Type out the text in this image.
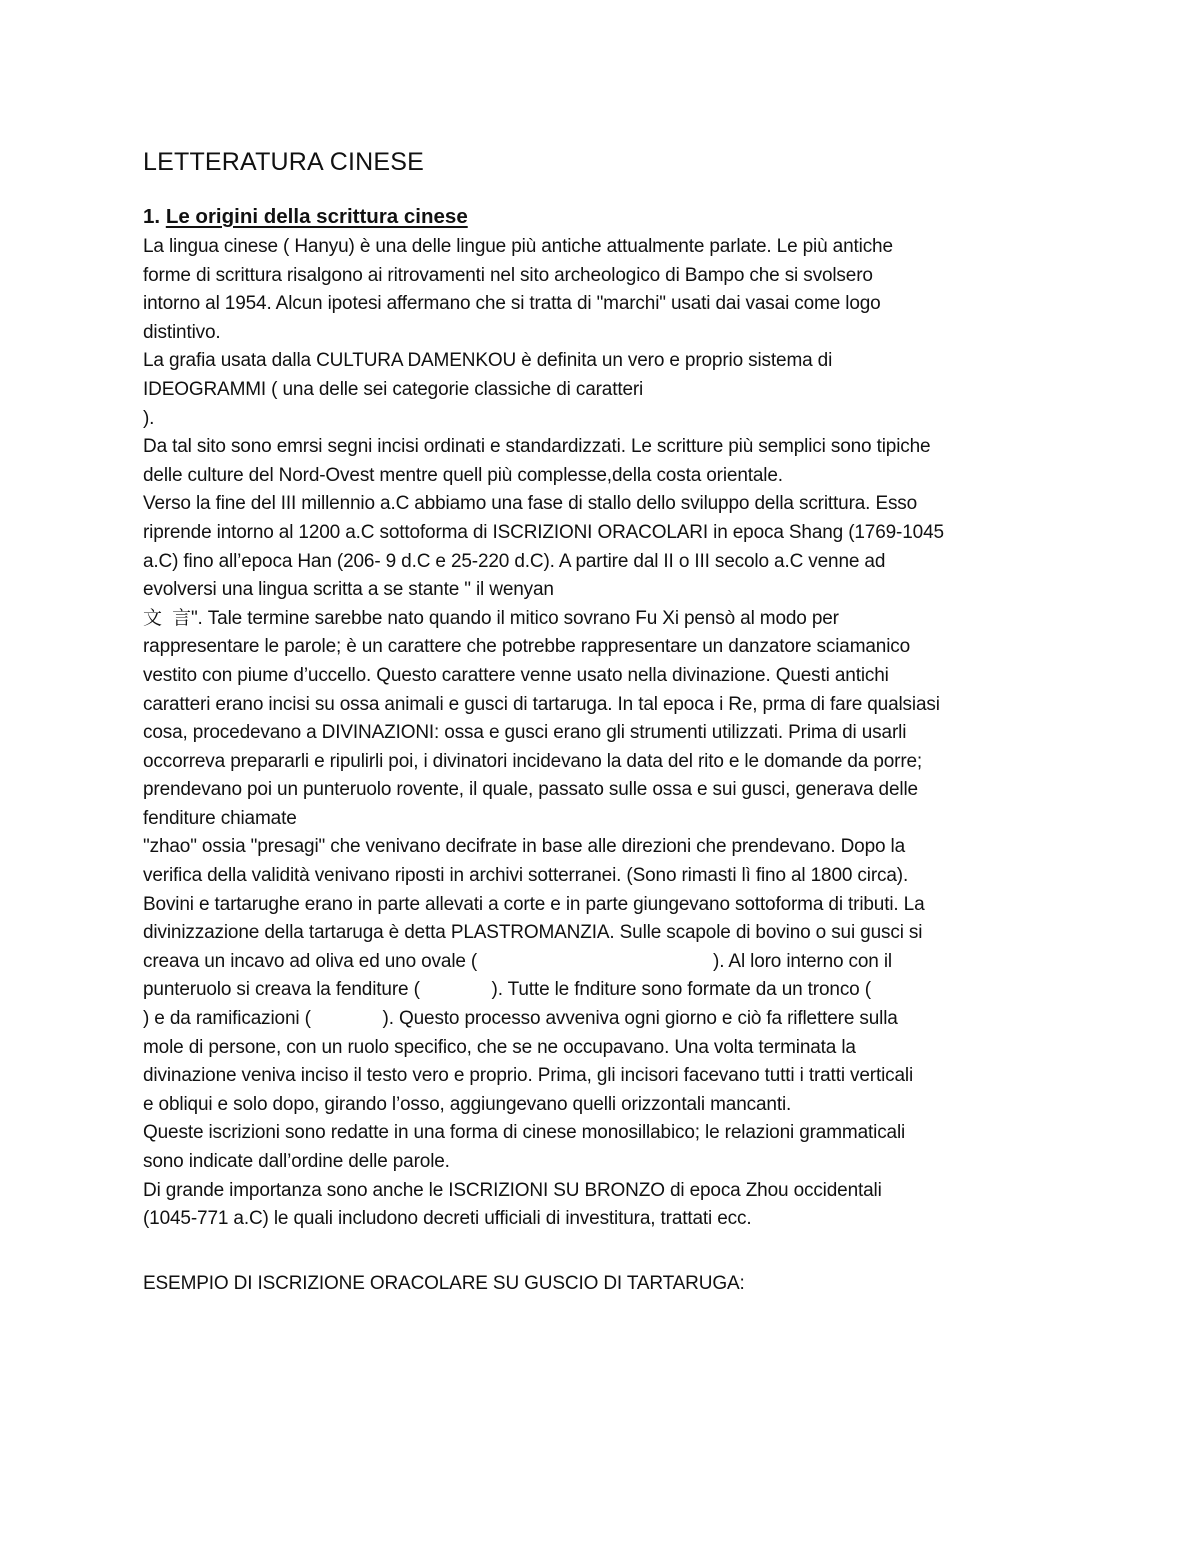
LETTERATURA CINESE
1. Le origini della scrittura cinese
La lingua cinese ( Hanyu) è una delle lingue più antiche attualmente parlate. Le più antiche
forme di scrittura risalgono ai ritrovamenti nel sito archeologico di Bampo che si svolsero
intorno al 1954. Alcun ipotesi affermano che si tratta di "marchi" usati dai vasai come logo
distintivo.
La grafia usata dalla CULTURA DAMENKOU è definita un vero e proprio sistema di
IDEOGRAMMI ( una delle sei categorie classiche di caratteri
).
Da tal sito sono emrsi segni incisi ordinati e standardizzati. Le scritture più semplici sono tipiche
delle culture del Nord-Ovest mentre quell più complesse,della costa orientale.
Verso la fine del III millennio a.C abbiamo una fase di stallo dello sviluppo della scrittura. Esso
riprende intorno al 1200 a.C sottoforma di ISCRIZIONI ORACOLARI in epoca Shang (1769-1045
a.C) fino all’epoca Han (206- 9 d.C e 25-220 d.C). A partire dal II o III secolo a.C venne ad
evolversi una lingua scritta a se stante " il wenyan
文  言". Tale termine sarebbe nato quando il mitico sovrano Fu Xi pensò al modo per
rappresentare le parole; è un carattere che potrebbe rappresentare un danzatore sciamanico
vestito con piume d’uccello. Questo carattere venne usato nella divinazione. Questi antichi
caratteri erano incisi su ossa animali e gusci di tartaruga. In tal epoca i Re, prma di fare qualsiasi
cosa, procedevano a DIVINAZIONI: ossa e gusci erano gli strumenti utilizzati. Prima di usarli
occorreva prepararli e ripulirli poi, i divinatori incidevano la data del rito e le domande da porre;
prendevano poi un punteruolo rovente, il quale, passato sulle ossa e sui gusci, generava delle
fenditure chiamate
"zhao" ossia "presagi" che venivano decifrate in base alle direzioni che prendevano. Dopo la
verifica della validità venivano riposti in archivi sotterranei. (Sono rimasti lì fino al 1800 circa).
Bovini e tartarughe erano in parte allevati a corte e in parte giungevano sottoforma di tributi. La
divinizzazione della tartaruga è detta PLASTROMANZIA. Sulle scapole di bovino o sui gusci si
creava un incavo ad oliva ed uno ovale (                                              ). Al loro interno con il
punteruolo si creava la fenditure (              ). Tutte le fnditure sono formate da un tronco (
) e da ramificazioni (              ). Questo processo avveniva ogni giorno e ciò fa riflettere sulla
mole di persone, con un ruolo specifico, che se ne occupavano. Una volta terminata la
divinazione veniva inciso il testo vero e proprio. Prima, gli incisori facevano tutti i tratti verticali
e obliqui e solo dopo, girando l’osso, aggiungevano quelli orizzontali mancanti.
Queste iscrizioni sono redatte in una forma di cinese monosillabico; le relazioni grammaticali
sono indicate dall’ordine delle parole.
Di grande importanza sono anche le ISCRIZIONI SU BRONZO di epoca Zhou occidentali
(1045-771 a.C) le quali includono decreti ufficiali di investitura, trattati ecc.
ESEMPIO DI ISCRIZIONE ORACOLARE SU GUSCIO DI TARTARUGA:
